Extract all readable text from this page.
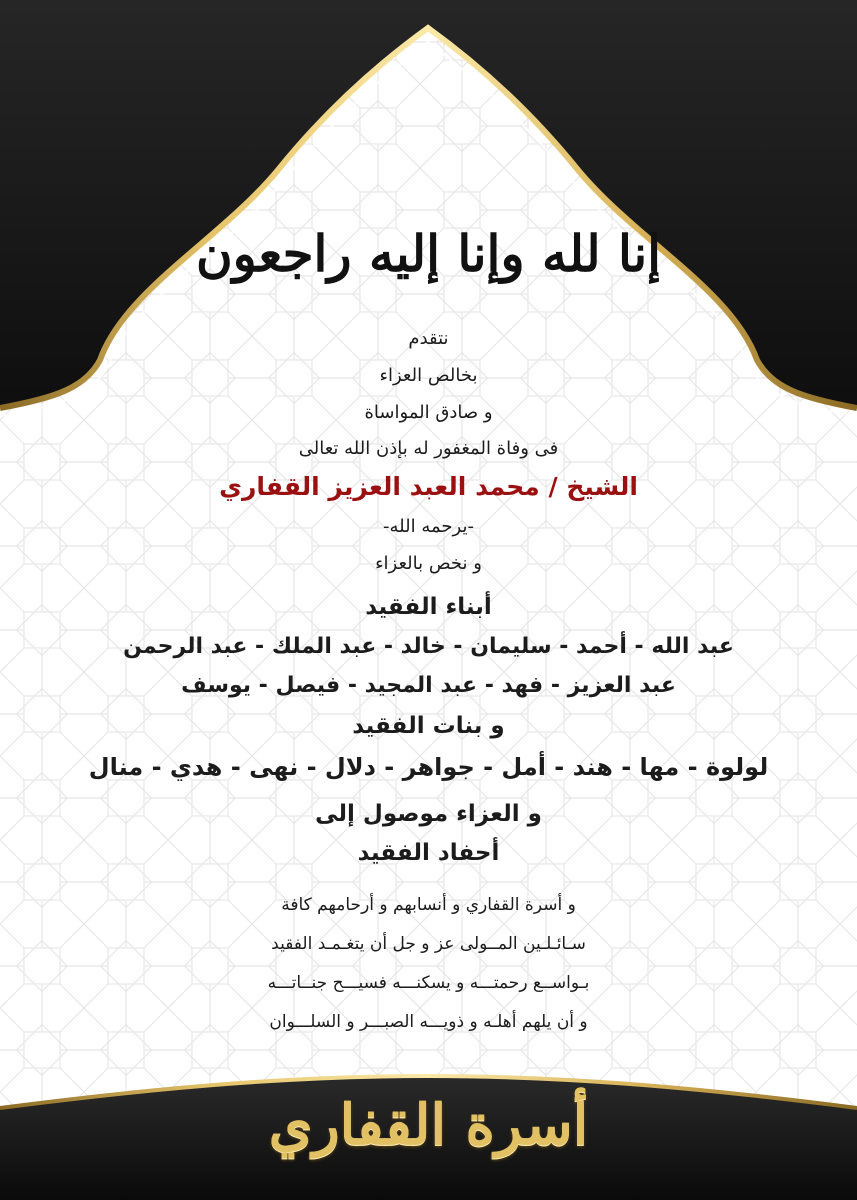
إنا لله وإنا إليه راجعون
نتقدم
بخالص العزاء
و صادق المواساة
فى وفاة المغفور له بإذن الله تعالى
الشيخ / محمد العبد العزيز القفاري
-يرحمه الله-
و نخص بالعزاء
أبناء الفقيد
عبد الله - أحمد - سليمان - خالد - عبد الملك - عبد الرحمن
عبد العزيز - فهد - عبد المجيد - فيصل - يوسف
و بنات الفقيد
لولوة - مها - هند - أمل - جواهر - دلال - نهى - هدي - منال
و العزاء موصول إلى
أحفاد الفقيد
و أسرة القفاري و أنسابهم و أرحامهم كافة
سـائـلـين المــولى عز و جل أن يتغـمـد الفقيد
بـواســع رحمتـــه و يسكنـــه فسيـــح جنــاتـــه
و أن يلهم أهلـه و ذويـــه الصبـــر و السلـــوان
أسرة القفاري
